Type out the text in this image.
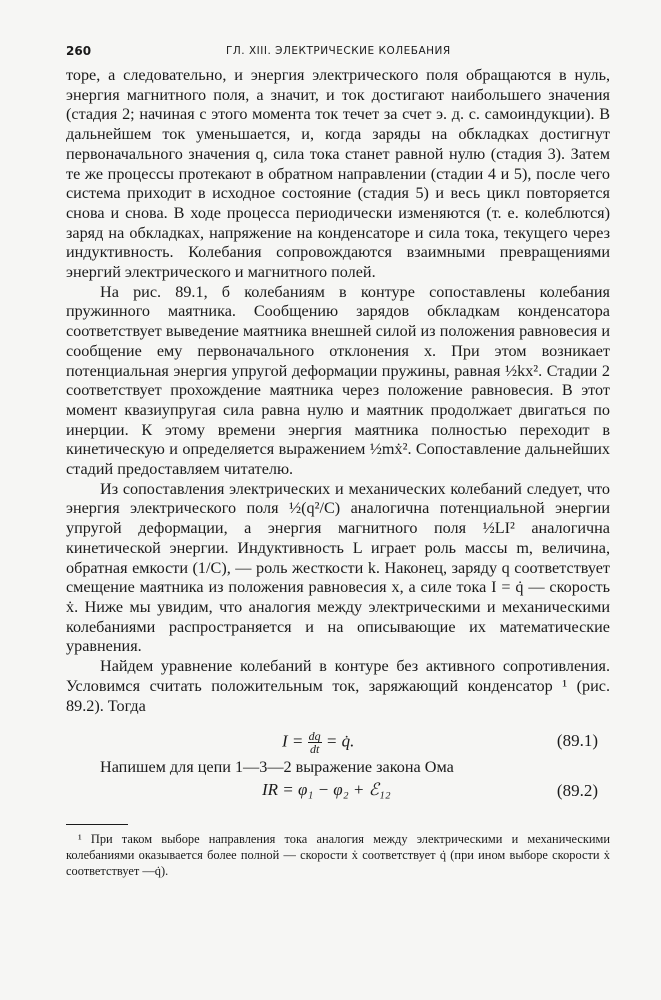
260	ГЛ. XIII. ЭЛЕКТРИЧЕСКИЕ КОЛЕБАНИЯ

торе, а следовательно, и энергия электрического поля обращаются в нуль, энергия магнитного поля, а значит, и ток достигают наибольшего значения (стадия 2; начиная с этого момента ток течет за счет э. д. с. самоиндукции). В дальнейшем ток уменьшается, и, когда заряды на обкладках достигнут первоначального значения q, сила тока станет равной нулю (стадия 3). Затем те же процессы протекают в обратном направлении (стадии 4 и 5), после чего система приходит в исходное состояние (стадия 5) и весь цикл повторяется снова и снова. В ходе процесса периодически изменяются (т. е. колеблются) заряд на обкладках, напряжение на конденсаторе и сила тока, текущего через индуктивность. Колебания сопровождаются взаимными превращениями энергий электрического и магнитного полей.

На рис. 89.1, б колебаниям в контуре сопоставлены колебания пружинного маятника. Сообщению зарядов обкладкам конденсатора соответствует выведение маятника внешней силой из положения равновесия и сообщение ему первоначального отклонения x. При этом возникает потенциальная энергия упругой деформации пружины, равная ½kx². Стадии 2 соответствует прохождение маятника через положение равновесия. В этот момент квазиупругая сила равна нулю и маятник продолжает двигаться по инерции. К этому времени энергия маятника полностью переходит в кинетическую и определяется выражением ½mẋ². Сопоставление дальнейших стадий предоставляем читателю.

Из сопоставления электрических и механических колебаний следует, что энергия электрического поля ½(q²/C) аналогична потенциальной энергии упругой деформации, а энергия магнитного поля ½LI² аналогична кинетической энергии. Индуктивность L играет роль массы m, величина, обратная емкости (1/C), — роль жесткости k. Наконец, заряду q соответствует смещение маятника из положения равновесия x, а силе тока I = q̇ — скорость ẋ. Ниже мы увидим, что аналогия между электрическими и механическими колебаниями распространяется и на описывающие их математические уравнения.

Найдем уравнение колебаний в контуре без активного сопротивления. Условимся считать положительным ток, заряжающий конденсатор ¹ (рис. 89.2). Тогда

$I = \frac{dq}{dt}$ = q̇.	(89.1)

Напишем для цепи 1—3—2 выражение закона Ома

IR = φ₁ − φ₂ + ℰ₁₂	(89.2)
¹ При таком выборе направления тока аналогия между электрическими и механическими колебаниями оказывается более полной — скорости ẋ соответствует q̇ (при ином выборе скорости ẋ соответствует —q̇).
